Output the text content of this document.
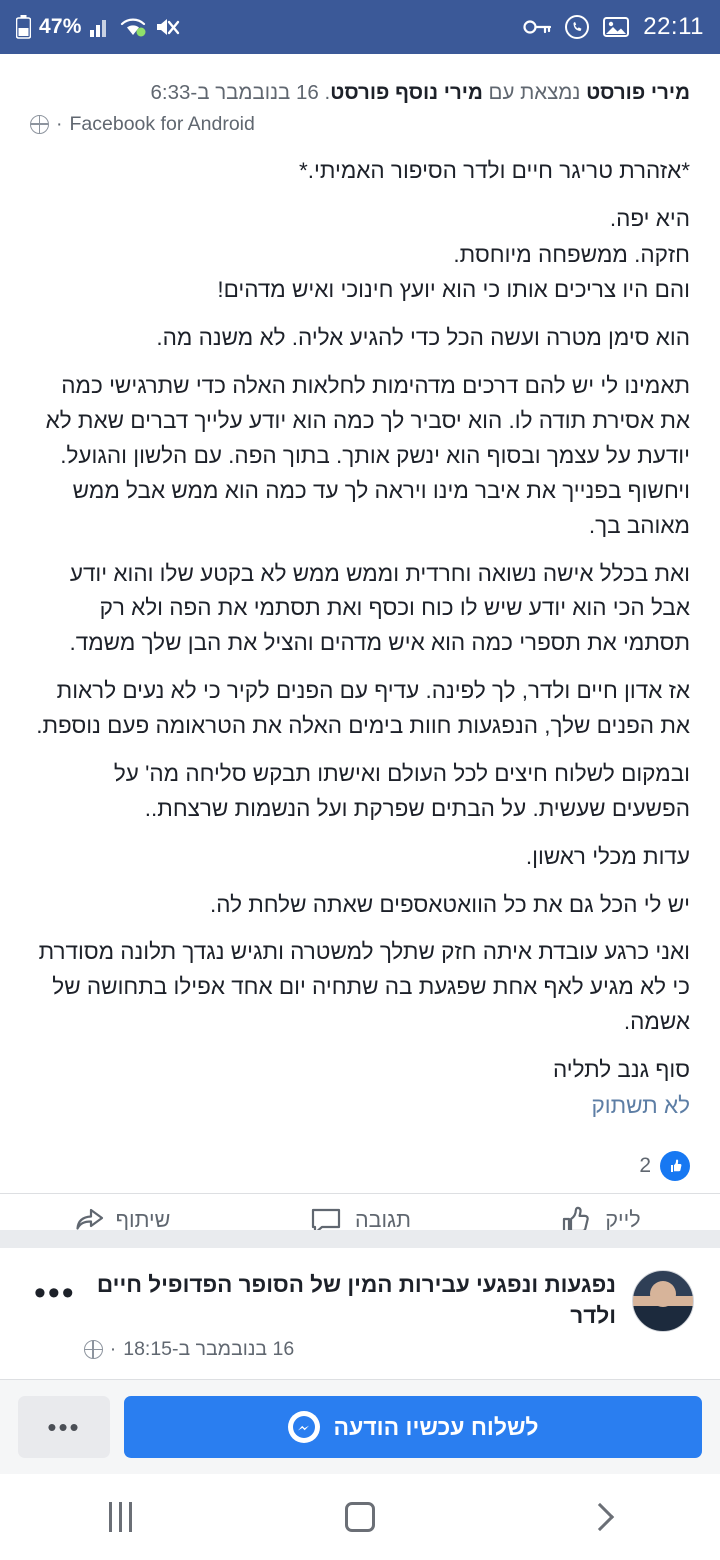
47%	22:11
מירי פורסט נמצאת עם מירי נוסף פורסט. 16 בנובמבר ב-6:33
Facebook for Android
·

*אזהרת טריגר חיים ולדר הסיפור האמיתי.*

היא יפה.

חזקה. ממשפחה מיוחסת.

והם היו צריכים אותו כי הוא יועץ חינוכי ואיש מדהים!

הוא סימן מטרה ועשה הכל כדי להגיע אליה. לא משנה מה.

תאמינו לי יש להם דרכים מדהימות לחלאות האלה כדי שתרגישי כמה את אסירת תודה לו. הוא יסביר לך כמה הוא יודע עלייך דברים שאת לא יודעת על עצמך ובסוף הוא ינשק אותך. בתוך הפה. עם הלשון והגועל. ויחשוף בפנייך את איבר מינו ויראה לך עד כמה הוא ממש אבל ממש מאוהב בך.

ואת בכלל אישה נשואה וחרדית וממש ממש לא בקטע שלו והוא יודע אבל הכי הוא יודע שיש לו כוח וכסף ואת תסתמי את הפה ולא רק תסתמי את תספרי כמה הוא איש מדהים והציל את הבן שלך משמד.

אז אדון חיים ולדר, לך לפינה. עדיף עם הפנים לקיר כי לא נעים לראות את הפנים שלך, הנפגעות חוות בימים האלה את הטראומה פעם נוספת.

ובמקום לשלוח חיצים לכל העולם ואישתו תבקש סליחה מה' על הפשעים שעשית. על הבתים שפרקת ועל הנשמות שרצחת..

עדות מכלי ראשון.

יש לי הכל גם את כל הוואטאספים שאתה שלחת לה.

ואני כרגע עובדת איתה חזק שתלך למשטרה ותגיש נגדך תלונה מסודרת כי לא מגיע לאף אחת שפגעת בה שתחיה יום אחד אפילו בתחושה של אשמה.

סוף גנב לתליה

לא תשתוק

2
שיתוף	תגובה	לייק
נפגעות ונפגעי עבירות המין של הסופר הפדופיל חיים ולדר
16 בנובמבר ב-18:15
·
•••
•••	לשלוח עכשיו הודעה
